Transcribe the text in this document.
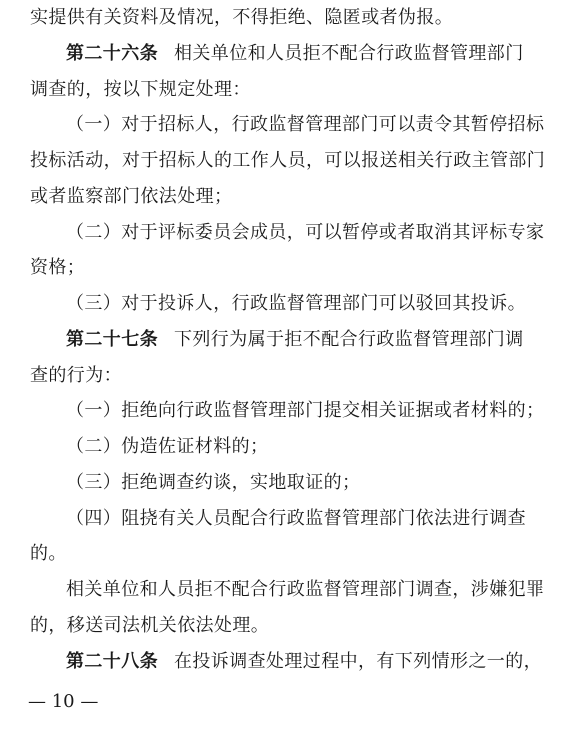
实提供有关资料及情况，不得拒绝、隐匿或者伪报。
第二十六条 相关单位和人员拒不配合行政监督管理部门
调查的，按以下规定处理：
（一）对于招标人，行政监督管理部门可以责令其暂停招标
投标活动，对于招标人的工作人员，可以报送相关行政主管部门
或者监察部门依法处理；
（二）对于评标委员会成员，可以暂停或者取消其评标专家
资格；
（三）对于投诉人，行政监督管理部门可以驳回其投诉。
第二十七条 下列行为属于拒不配合行政监督管理部门调
查的行为：
（一）拒绝向行政监督管理部门提交相关证据或者材料的；
（二）伪造佐证材料的；
（三）拒绝调查约谈，实地取证的；
（四）阻挠有关人员配合行政监督管理部门依法进行调查
的。
相关单位和人员拒不配合行政监督管理部门调查，涉嫌犯罪
的，移送司法机关依法处理。
第二十八条 在投诉调查处理过程中，有下列情形之一的，
— 10 —
